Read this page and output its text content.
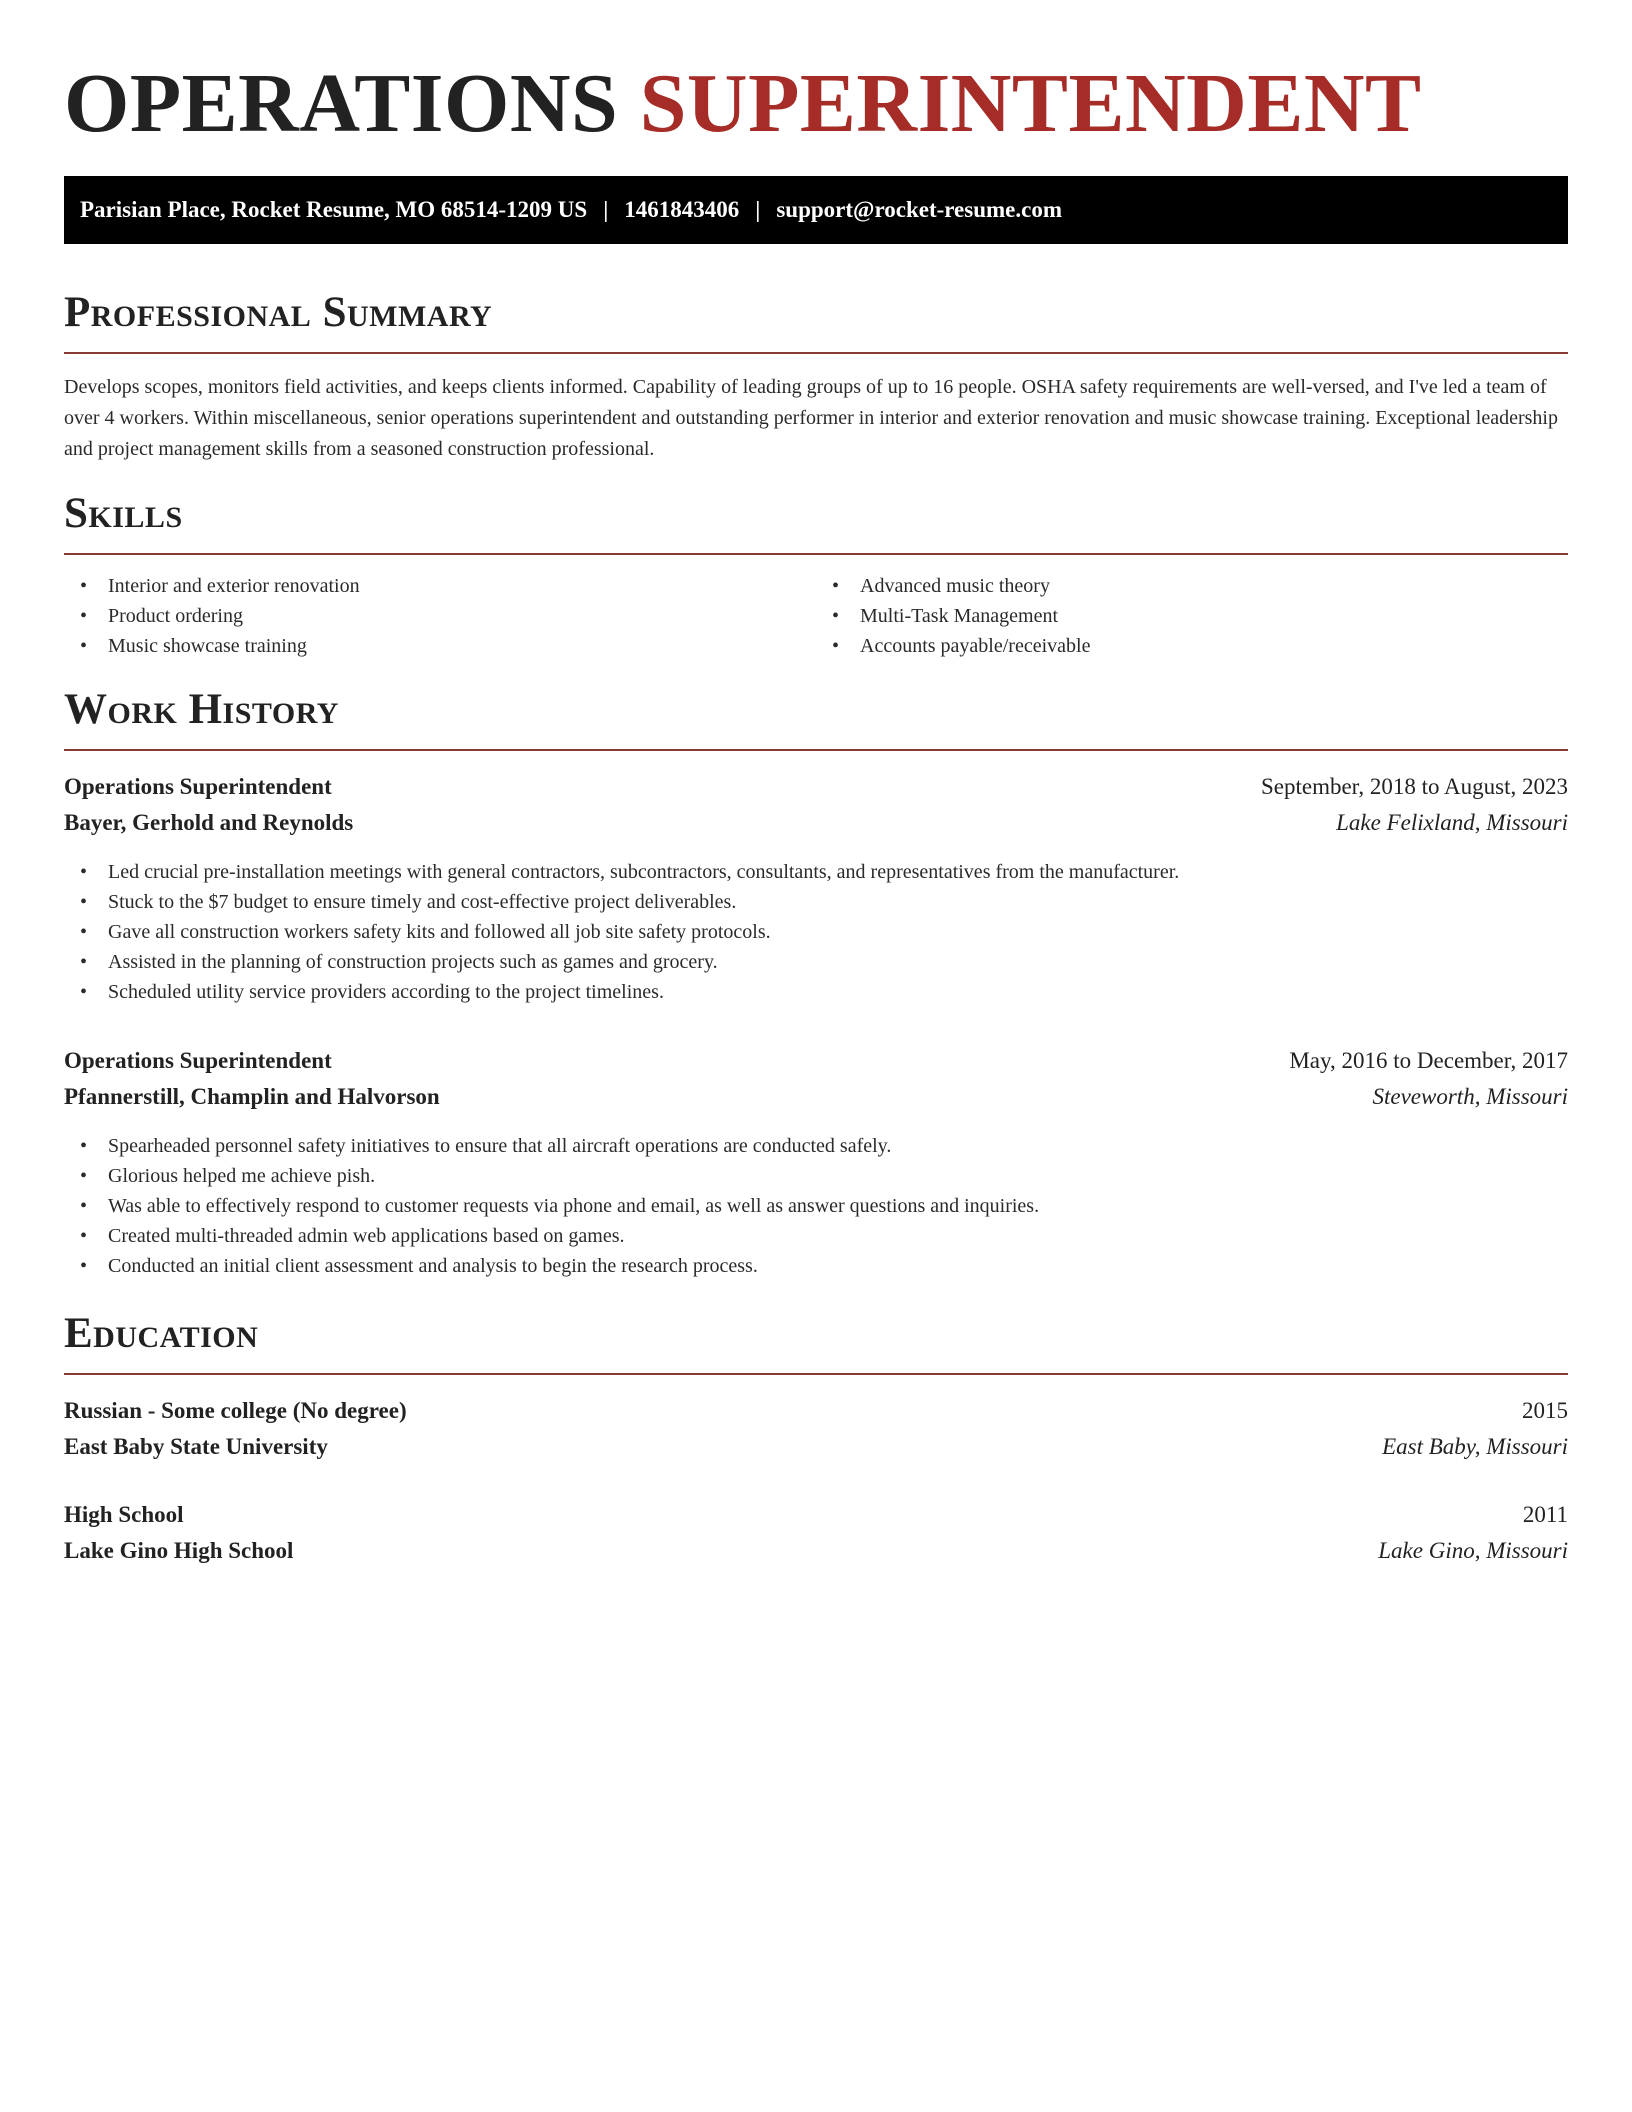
OPERATIONS SUPERINTENDENT
Parisian Place, Rocket Resume, MO 68514-1209 US | 1461843406 | support@rocket-resume.com
Professional Summary

Develops scopes, monitors field activities, and keeps clients informed. Capability of leading groups of up to 16 people. OSHA safety requirements are well-versed, and I've led a team of over 4 workers. Within miscellaneous, senior operations superintendent and outstanding performer in interior and exterior renovation and music showcase training. Exceptional leadership and project management skills from a seasoned construction professional.

Skills
• Interior and exterior renovation
• Product ordering
• Music showcase training
• Advanced music theory
• Multi-Task Management
• Accounts payable/receivable
Work History
Operations Superintendent	September, 2018 to August, 2023
Bayer, Gerhold and Reynolds	Lake Felixland, Missouri
• Led crucial pre-installation meetings with general contractors, subcontractors, consultants, and representatives from the manufacturer.
• Stuck to the $7 budget to ensure timely and cost-effective project deliverables.
• Gave all construction workers safety kits and followed all job site safety protocols.
• Assisted in the planning of construction projects such as games and grocery.
• Scheduled utility service providers according to the project timelines.
Operations Superintendent	May, 2016 to December, 2017
Pfannerstill, Champlin and Halvorson	Steveworth, Missouri
• Spearheaded personnel safety initiatives to ensure that all aircraft operations are conducted safely.
• Glorious helped me achieve pish.
• Was able to effectively respond to customer requests via phone and email, as well as answer questions and inquiries.
• Created multi-threaded admin web applications based on games.
• Conducted an initial client assessment and analysis to begin the research process.
Education
Russian - Some college (No degree)	2015
East Baby State University	East Baby, Missouri
High School	2011
Lake Gino High School	Lake Gino, Missouri
